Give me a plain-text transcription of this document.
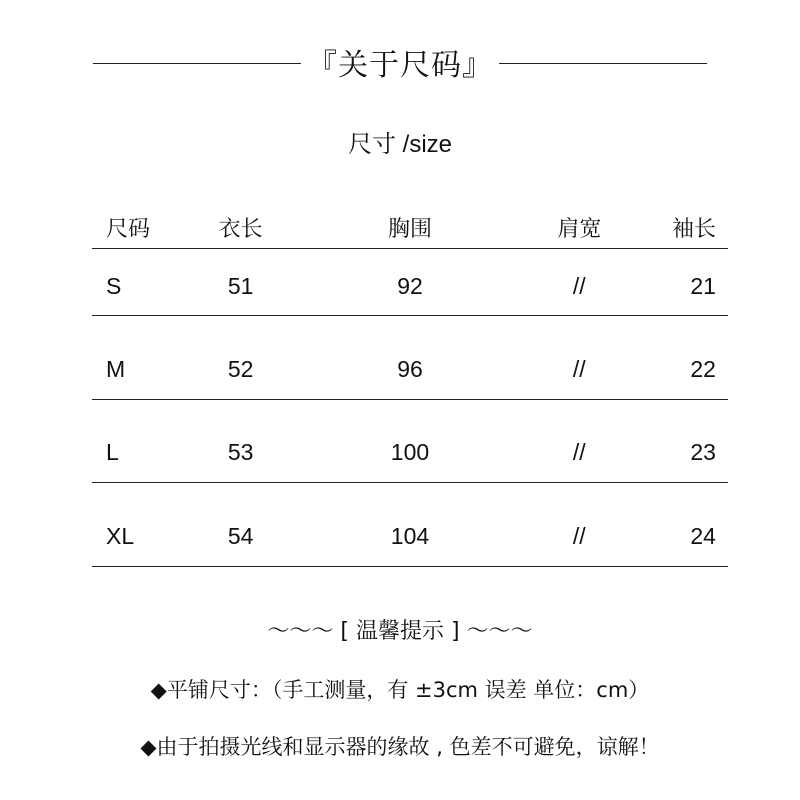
『关于尺码』
尺寸 /size
尺码	衣长	胸围	肩宽	袖长
S	51	92	//	21
M	52	96	//	22
L	53	100	//	23
XL	54	104	//	24
～～～ [ 温馨提示 ] ～～～
◆平铺尺寸：（手工测量，有 ±3cm 误差 单位：cm）
◆由于拍摄光线和显示器的缘故 , 色差不可避免，谅解！
